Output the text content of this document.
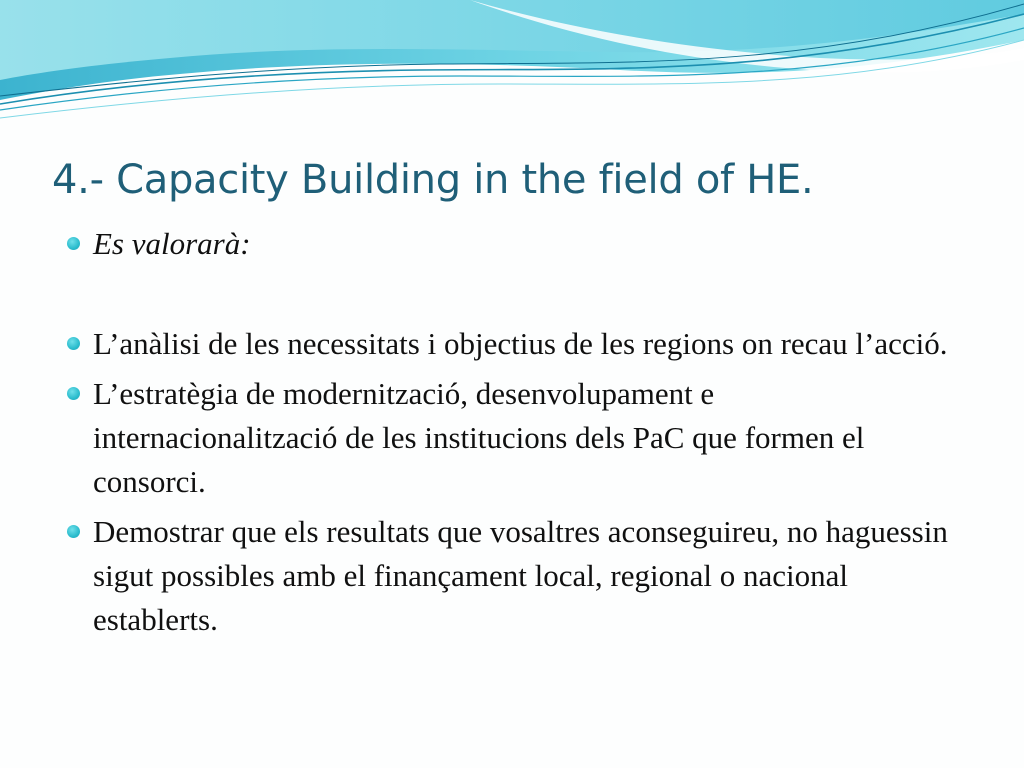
4.- Capacity Building in the field of HE.
Es valorarà:
L’anàlisi de les necessitats i objectius de les regions on recau l’acció.
L’estratègia de modernització, desenvolupament e internacionalització de les institucions dels PaC que formen el consorci.
Demostrar que els resultats que vosaltres aconseguireu, no haguessin sigut possibles amb el finançament local, regional o nacional establerts.
